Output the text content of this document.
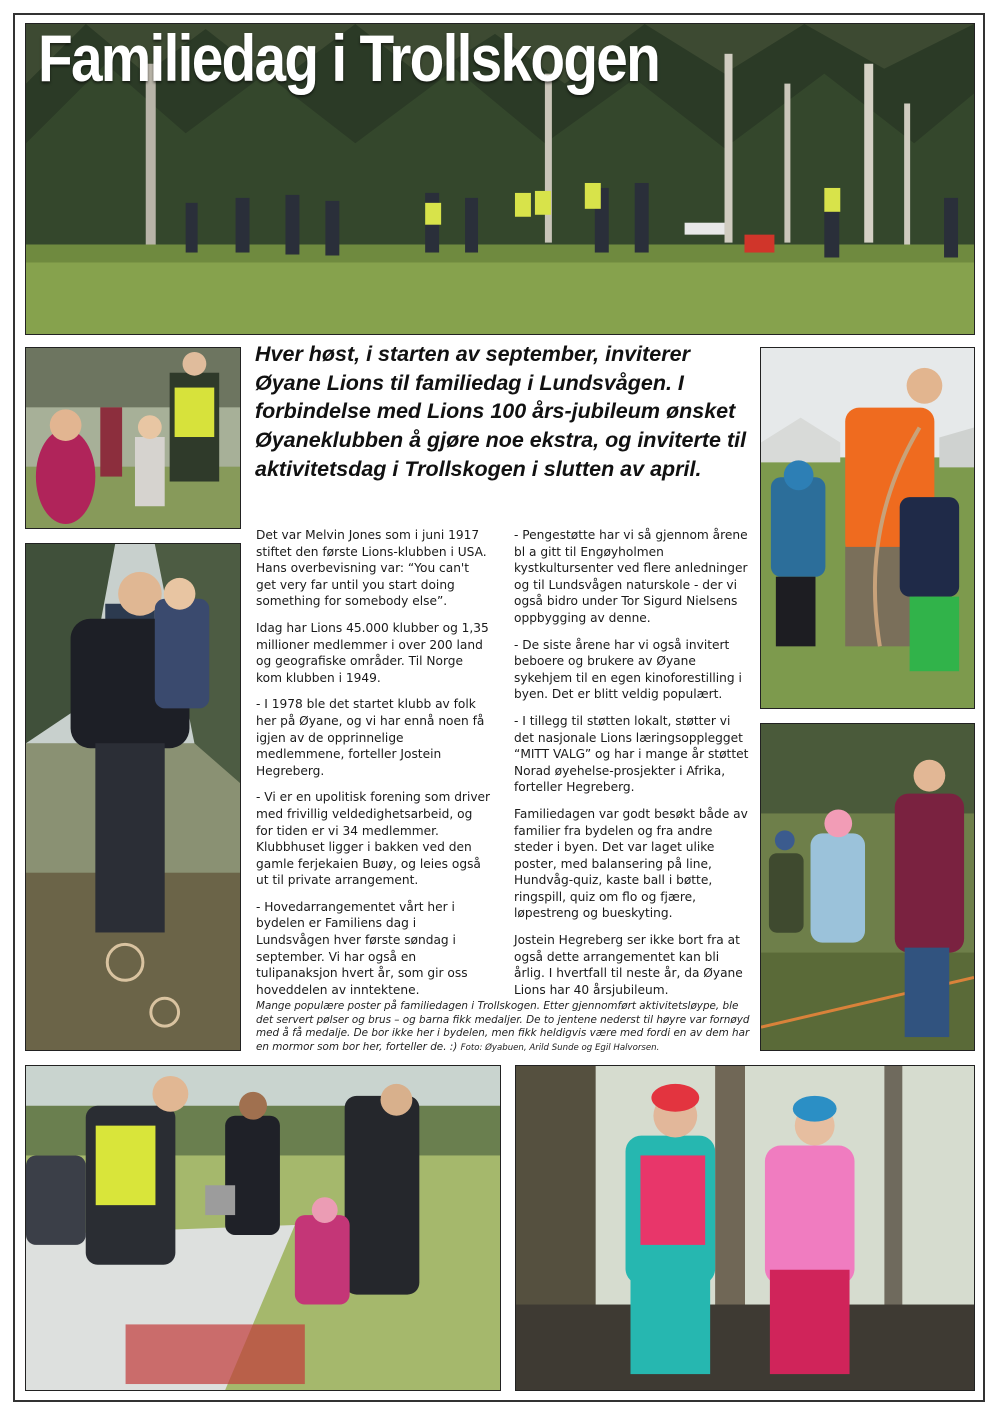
Familiedag i Trollskogen

Hver høst, i starten av september, inviterer Øyane Lions til familiedag i Lundsvågen. I forbindelse med Lions 100 års-jubileum ønsket Øyaneklubben å gjøre noe ekstra, og inviterte til aktivitetsdag i Trollskogen i slutten av april.

Det var Melvin Jones som i juni 1917 stiftet den første Lions-klubben i USA. Hans overbevisning var: “You can't get very far until you start doing something for somebody else”.

Idag har Lions 45.000 klubber og 1,35 millioner medlemmer i over 200 land og geografiske områder. Til Norge kom klubben i 1949.

- I 1978 ble det startet klubb av folk her på Øyane, og vi har ennå noen få igjen av de opprinnelige medlemmene, forteller Jostein Hegreberg.

- Vi er en upolitisk forening som driver med frivillig veldedighetsarbeid, og for tiden er vi 34 medlemmer. Klubbhuset ligger i bakken ved den gamle ferjekaien Buøy, og leies også ut til private arrangement.

- Hovedarrangementet vårt her i bydelen er Familiens dag i Lundsvågen hver første søndag i september. Vi har også en tulipanaksjon hvert år, som gir oss hoveddelen av inntektene.

- Pengestøtte har vi så gjennom årene bl a gitt til Engøyholmen kystkultursenter ved flere anledninger og til Lundsvågen naturskole - der vi også bidro under Tor Sigurd Nielsens oppbygging av denne.

- De siste årene har vi også invitert beboere og brukere av Øyane sykehjem til en egen kinoforestilling i byen. Det er blitt veldig populært.

- I tillegg til støtten lokalt, støtter vi det nasjonale Lions læringsopplegget “MITT VALG” og har i mange år støttet Norad øyehelse-prosjekter i Afrika, forteller Hegreberg.

Familiedagen var godt besøkt både av familier fra bydelen og fra andre steder i byen. Det var laget ulike poster, med balansering på line, Hundvåg-quiz, kaste ball i bøtte, ringspill, quiz om flo og fjære, løpestreng og bueskyting.

Jostein Hegreberg ser ikke bort fra at også dette arrangementet kan bli årlig. I hvertfall til neste år, da Øyane Lions har 40 årsjubileum.

Mange populære poster på familiedagen i Trollskogen. Etter gjennomført aktivitetsløype, ble det servert pølser og brus – og barna fikk medaljer. De to jentene nederst til høyre var fornøyd med å få medalje. De bor ikke her i bydelen, men fikk heldigvis være med fordi en av dem har en mormor som bor her, forteller de. :) Foto: Øyabuen, Arild Sunde og Egil Halvorsen.
